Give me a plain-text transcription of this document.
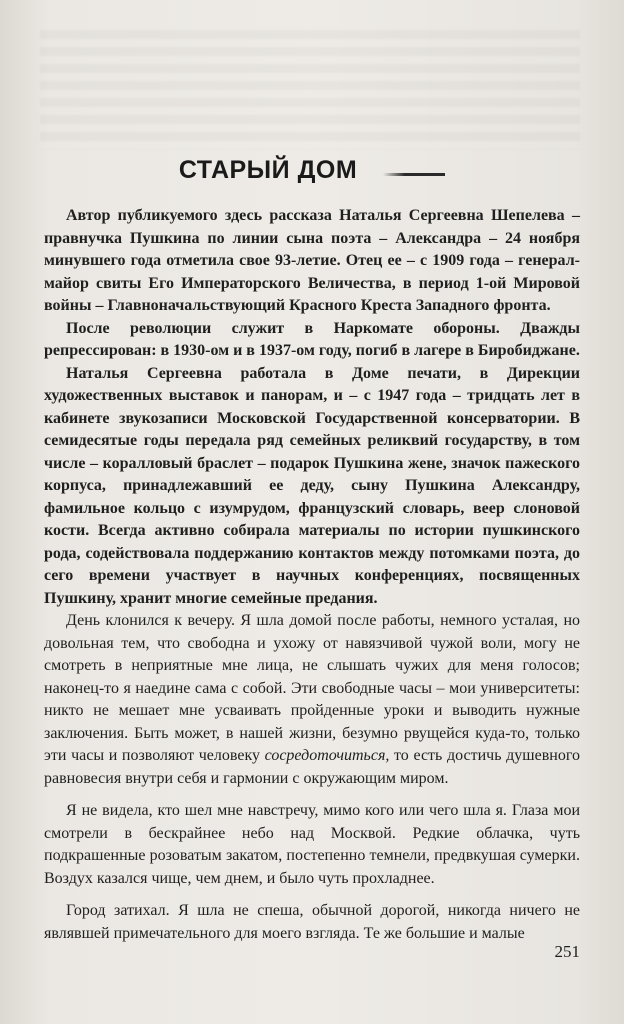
СТАРЫЙ ДОМ

Автор публикуемого здесь рассказа Наталья Сергеевна Шепелева – правнучка Пушкина по линии сына поэта – Александра – 24 ноября минувшего года отметила свое 93-летие. Отец ее – с 1909 года – генерал-майор свиты Его Императорского Величества, в период 1-ой Мировой войны – Главноначальствующий Красного Креста Западного фронта.

После революции служит в Наркомате обороны. Дважды репрессирован: в 1930-ом и в 1937-ом году, погиб в лагере в Биробиджане.

Наталья Сергеевна работала в Доме печати, в Дирекции художественных выставок и панорам, и – с 1947 года – тридцать лет в кабинете звукозаписи Московской Государственной консерватории. В семидесятые годы передала ряд семейных реликвий государству, в том числе – коралловый браслет – подарок Пушкина жене, значок пажеского корпуса, принадлежавший ее деду, сыну Пушкина Александру, фамильное кольцо с изумрудом, французский словарь, веер слоновой кости. Всегда активно собирала материалы по истории пушкинского рода, содействовала поддержанию контактов между потомками поэта, до сего времени участвует в научных конференциях, посвященных Пушкину, хранит многие семейные предания.

День клонился к вечеру. Я шла домой после работы, немного усталая, но довольная тем, что свободна и ухожу от навязчивой чужой воли, могу не смотреть в неприятные мне лица, не слышать чужих для меня голосов; наконец-то я наедине сама с собой. Эти свободные часы – мои университеты: никто не мешает мне усваивать пройденные уроки и выводить нужные заключения. Быть может, в нашей жизни, безумно рвущейся куда-то, только эти часы и позволяют человеку сосредоточиться, то есть достичь душевного равновесия внутри себя и гармонии с окружающим миром.

Я не видела, кто шел мне навстречу, мимо кого или чего шла я. Глаза мои смотрели в бескрайнее небо над Москвой. Редкие облачка, чуть подкрашенные розоватым закатом, постепенно темнели, предвкушая сумерки. Воздух казался чище, чем днем, и было чуть прохладнее.

Город затихал. Я шла не спеша, обычной дорогой, никогда ничего не являвшей примечательного для моего взгляда. Те же большие и малые

251
